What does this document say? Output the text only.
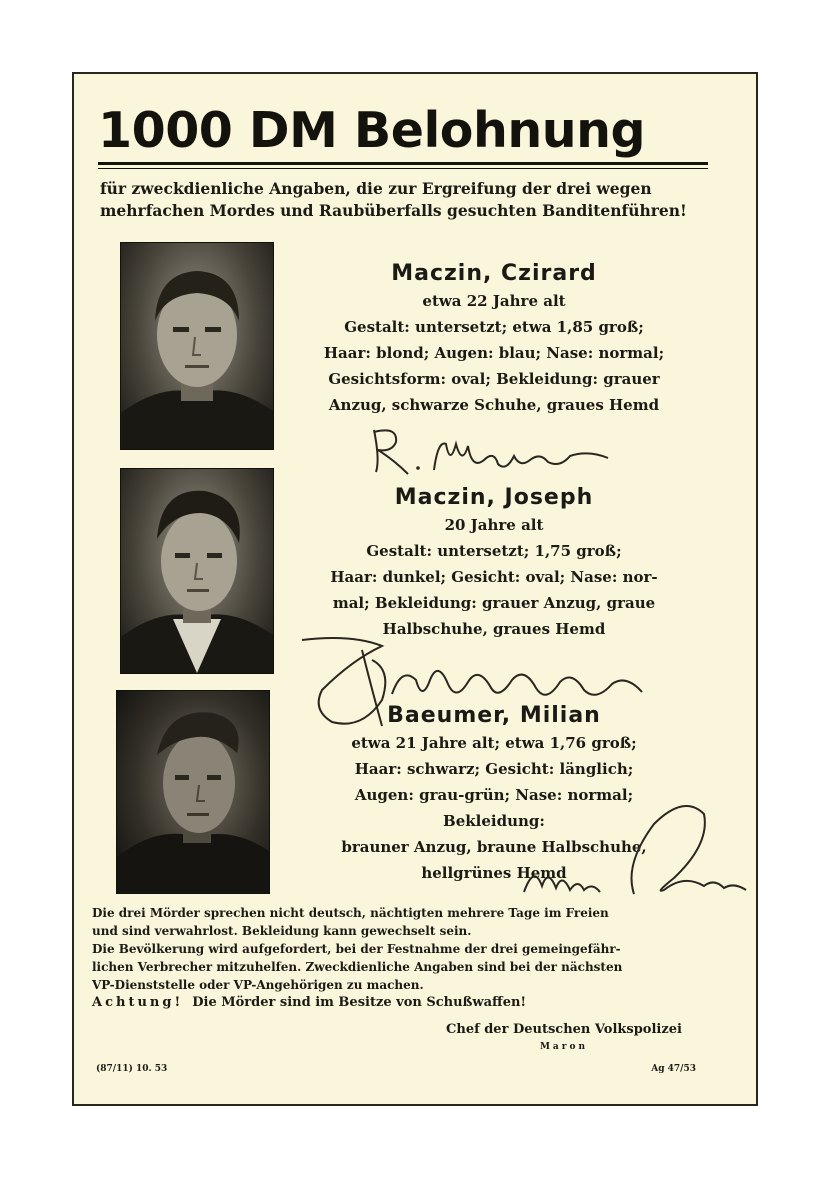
1000 DM Belohnung
für zweckdienliche Angaben, die zur Ergreifung der drei wegen
mehrfachen Mordes und Raubüberfalls gesuchten Banditenführen!
Maczin, Czirard
etwa 22 Jahre alt
Gestalt: untersetzt; etwa 1,85 groß;
Haar: blond; Augen: blau; Nase: normal;
Gesichtsform: oval; Bekleidung: grauer
Anzug, schwarze Schuhe, graues Hemd
Maczin, Joseph
20 Jahre alt
Gestalt: untersetzt; 1,75 groß;
Haar: dunkel; Gesicht: oval; Nase: nor-
mal; Bekleidung: grauer Anzug, graue
Halbschuhe, graues Hemd
Baeumer, Milian
etwa 21 Jahre alt; etwa 1,76 groß;
Haar: schwarz; Gesicht: länglich;
Augen: grau-grün; Nase: normal;
Bekleidung:
brauner Anzug, braune Halbschuhe,
hellgrünes Hemd

Die drei Mörder sprechen nicht deutsch, nächtigten mehrere Tage im Freien
und sind verwahrlost. Bekleidung kann gewechselt sein.

Die Bevölkerung wird aufgefordert, bei der Festnahme der drei gemeingefähr-
lichen Verbrecher mitzuhelfen. Zweckdienliche Angaben sind bei der nächsten
VP-Dienststelle oder VP-Angehörigen zu machen.

Achtung! Die Mörder sind im Besitze von Schußwaffen!

Chef der Deutschen Volkspolizei
Maron
(87/11) 10. 53	Ag 47/53
